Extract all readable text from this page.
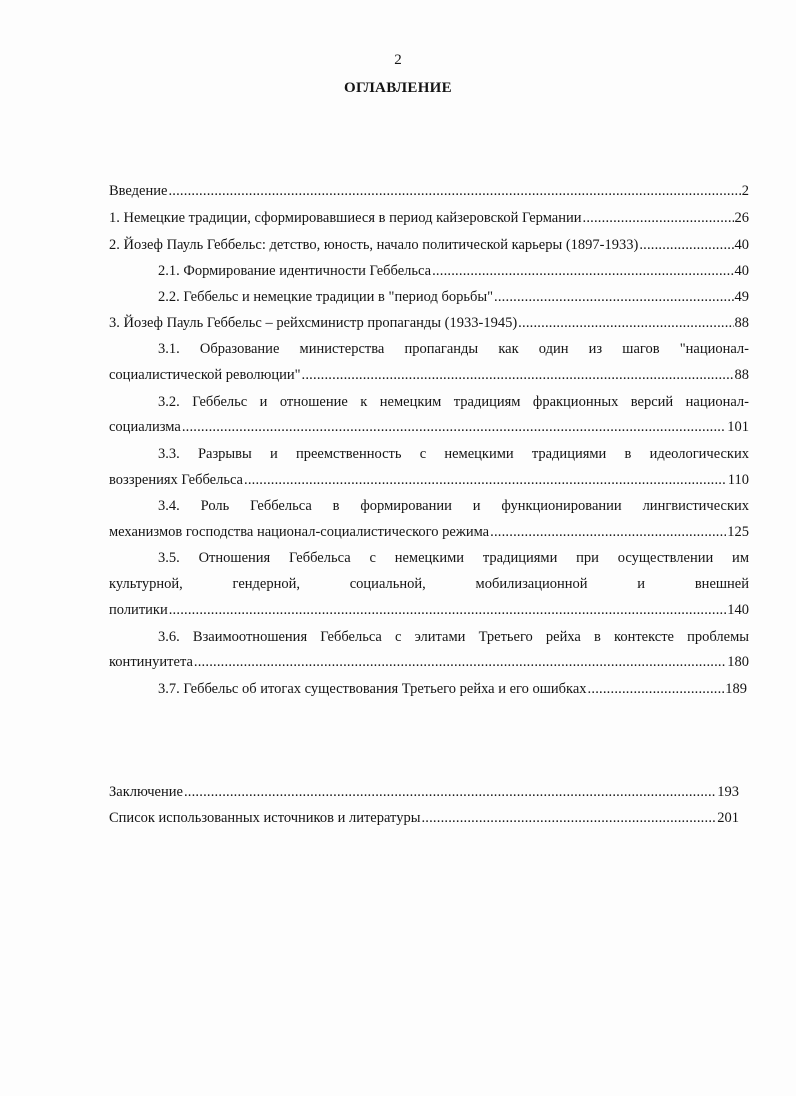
2
ОГЛАВЛЕНИЕ
Введение .....	2
1. Немецкие традиции, сформировавшиеся в период кайзеровской Германии .....	26
2. Йозеф Пауль Геббельс: детство, юность, начало политической карьеры (1897-1933) .....	40
2.1. Формирование идентичности Геббельса .....	40
2.2. Геббельс и немецкие традиции в "период борьбы" .....	49
3. Йозеф Пауль Геббельс – рейхсминистр пропаганды (1933-1945) .....	88
3.1. Образование министерства пропаганды как один из шагов "национал-
социалистической революции" .....	88
3.2. Геббельс и отношение к немецким традициям фракционных версий национал-
социализма .....	101
3.3. Разрывы и преемственность с немецкими традициями в идеологических
воззрениях Геббельса .....	110
3.4. Роль Геббельса в формировании и функционировании лингвистических
механизмов господства национал-социалистического режима .....	125
3.5. Отношения Геббельса с немецкими традициями при осуществлении им
культурной, гендерной, социальной, мобилизационной и внешней
политики .....	140
3.6. Взаимоотношения Геббельса с элитами Третьего рейха в контексте проблемы
континуитета .....	180
3.7. Геббельс об итогах существования Третьего рейха и его ошибках .....	189
Заключение .....	193
Список использованных источников и литературы .....	201
